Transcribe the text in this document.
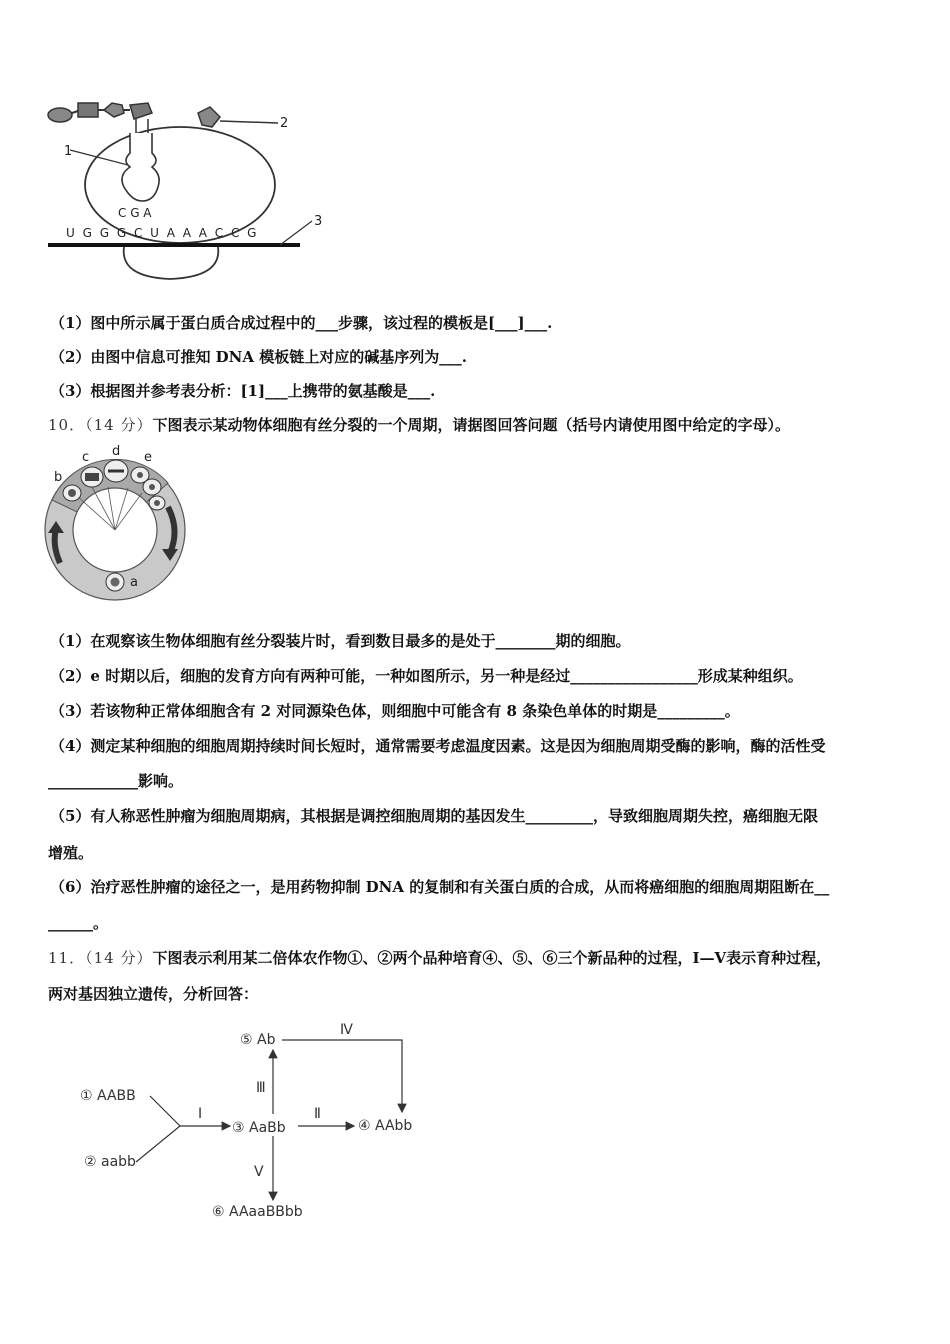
2
1
C G A
U G G G C U A A A C C G
3
（1）图中所示属于蛋白质合成过程中的___步骤，该过程的模板是[___]___.
（2）由图中信息可推知 DNA 模板链上对应的碱基序列为___.
（3）根据图并参考表分析：[1]___上携带的氨基酸是___.
10．（14 分）下图表示某动物体细胞有丝分裂的一个周期，请据图回答问题（括号内请使用图中给定的字母）。
b
c d e
a
（1）在观察该生物体细胞有丝分裂装片时，看到数目最多的是处于________期的细胞。
（2）e 时期以后，细胞的发育方向有两种可能，一种如图所示，另一种是经过_________________形成某种组织。
（3）若该物种正常体细胞含有 2 对同源染色体，则细胞中可能含有 8 条染色单体的时期是_________。
（4）测定某种细胞的细胞周期持续时间长短时，通常需要考虑温度因素。这是因为细胞周期受酶的影响，酶的活性受
____________影响。
（5）有人称恶性肿瘤为细胞周期病，其根据是调控细胞周期的基因发生_________，导致细胞周期失控，癌细胞无限
增殖。
（6）治疗恶性肿瘤的途径之一，是用药物抑制 DNA 的复制和有关蛋白质的合成，从而将癌细胞的细胞周期阻断在__
______。
11．（14 分）下图表示利用某二倍体农作物①、②两个品种培育④、⑤、⑥三个新品种的过程，Ⅰ—Ⅴ表示育种过程，
两对基因独立遗传，分析回答：
⑤ Ab
① AABB
② aabb
③ AaBb	④ AAbb
⑥ AAaaBBbb
Ⅰ	Ⅱ
Ⅲ
Ⅳ
Ⅴ
